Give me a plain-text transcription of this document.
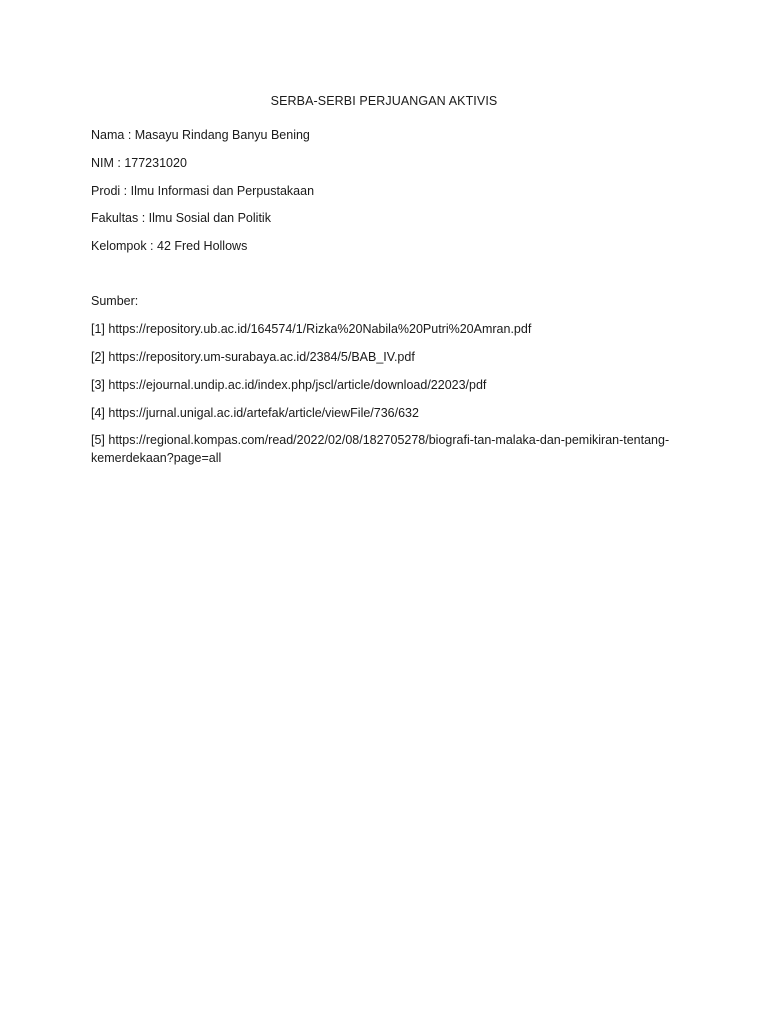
SERBA-SERBI PERJUANGAN AKTIVIS
Nama : Masayu Rindang Banyu Bening
NIM : 177231020
Prodi : Ilmu Informasi dan Perpustakaan
Fakultas : Ilmu Sosial dan Politik
Kelompok : 42 Fred Hollows
Sumber:
[1] https://repository.ub.ac.id/164574/1/Rizka%20Nabila%20Putri%20Amran.pdf
[2] https://repository.um-surabaya.ac.id/2384/5/BAB_IV.pdf
[3] https://ejournal.undip.ac.id/index.php/jscl/article/download/22023/pdf
[4] https://jurnal.unigal.ac.id/artefak/article/viewFile/736/632
[5] https://regional.kompas.com/read/2022/02/08/182705278/biografi-tan-malaka-dan-pemikiran-tentang-kemerdekaan?page=all
